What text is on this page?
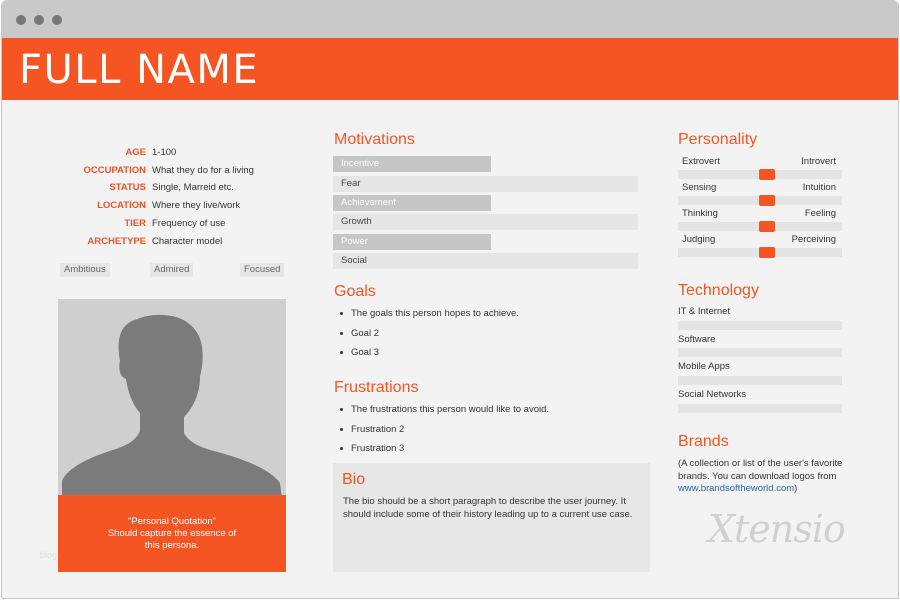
FULL NAME
AGE 1-100
OCCUPATION What they do for a living
STATUS Single, Marreid etc.
LOCATION Where they live/work
TIER Frequency of use
ARCHETYPE Character model
Ambitious	Admired	Focused
"Personal Quotation"
Should capture the essence of
this persona.
blog
Motivations
Incentive
Fear
Achievement
Growth
Power
Social
Goals
The goals this person hopes to achieve.
Goal 2
Goal 3
Frustrations
The frustrations this person would like to avoid.
Frustration 2
Frustration 3
Bio
The bio should be a short paragraph to describe the user journey. It should include some of their history leading up to a current use case.
Personality
Extrovert	Introvert
Sensing	Intuition
Thinking	Feeling
Judging	Perceiving
Technology
IT & Internet
Software
Mobile Apps
Social Networks
Brands
(A collection or list of the user's favorite brands. You can download logos from www.brandsoftheworld.com)
Xtensio
